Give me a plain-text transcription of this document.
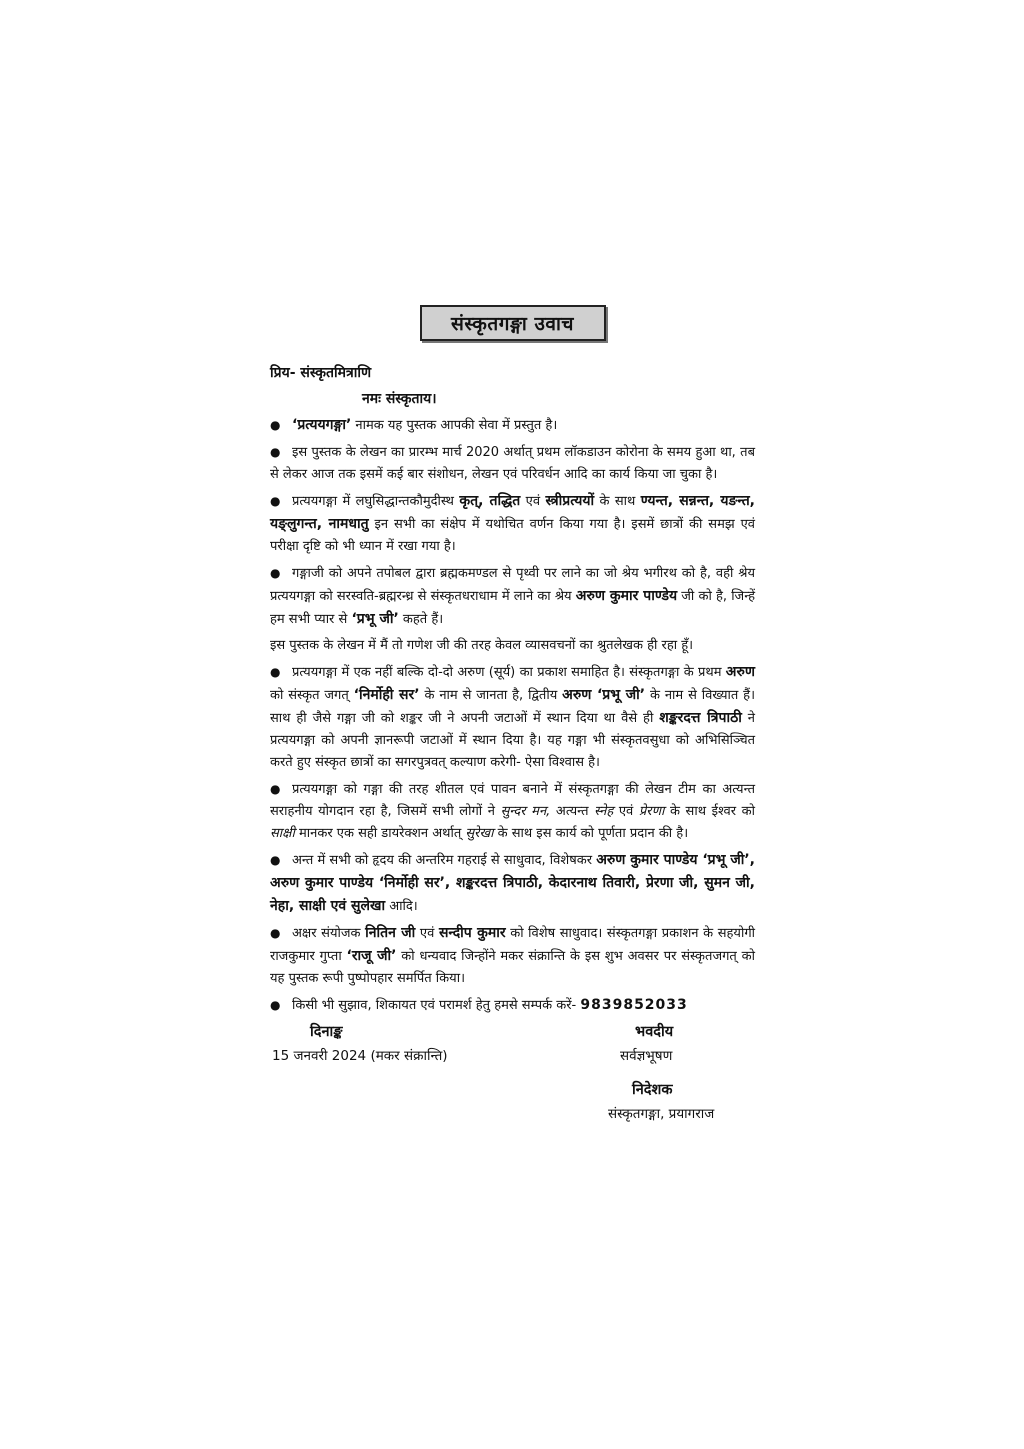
संस्कृतगङ्गा उवाच
प्रिय- संस्कृतमित्राणि
नमः संस्कृताय।

● ‘प्रत्ययगङ्गा’ नामक यह पुस्तक आपकी सेवा में प्रस्तुत है।

● इस पुस्तक के लेखन का प्रारम्भ मार्च 2020 अर्थात् प्रथम लॉकडाउन कोरोना के समय हुआ था, तब से लेकर आज तक इसमें कई बार संशोधन, लेखन एवं परिवर्धन आदि का कार्य किया जा चुका है।

● प्रत्ययगङ्गा में लघुसिद्धान्तकौमुदीस्थ कृत्, तद्धित एवं स्त्रीप्रत्ययों के साथ ण्यन्त, सन्नन्त, यङन्त, यङ्लुगन्त, नामधातु इन सभी का संक्षेप में यथोचित वर्णन किया गया है। इसमें छात्रों की समझ एवं परीक्षा दृष्टि को भी ध्यान में रखा गया है।

● गङ्गाजी को अपने तपोबल द्वारा ब्रह्मकमण्डल से पृथ्वी पर लाने का जो श्रेय भगीरथ को है, वही श्रेय प्रत्ययगङ्गा को सरस्वति-ब्रह्मरन्ध्र से संस्कृतधराधाम में लाने का श्रेय अरुण कुमार पाण्डेय जी को है, जिन्हें हम सभी प्यार से ‘प्रभू जी’ कहते हैं।

इस पुस्तक के लेखन में मैं तो गणेश जी की तरह केवल व्यासवचनों का श्रुतलेखक ही रहा हूँ।

● प्रत्ययगङ्गा में एक नहीं बल्कि दो-दो अरुण (सूर्य) का प्रकाश समाहित है। संस्कृतगङ्गा के प्रथम अरुण को संस्कृत जगत् ‘निर्मोही सर’ के नाम से जानता है, द्वितीय अरुण ‘प्रभू जी’ के नाम से विख्यात हैं। साथ ही जैसे गङ्गा जी को शङ्कर जी ने अपनी जटाओं में स्थान दिया था वैसे ही शङ्करदत्त त्रिपाठी ने प्रत्ययगङ्गा को अपनी ज्ञानरूपी जटाओं में स्थान दिया है। यह गङ्गा भी संस्कृतवसुधा को अभिसिञ्चित करते हुए संस्कृत छात्रों का सगरपुत्रवत् कल्याण करेगी- ऐसा विश्वास है।

● प्रत्ययगङ्गा को गङ्गा की तरह शीतल एवं पावन बनाने में संस्कृतगङ्गा की लेखन टीम का अत्यन्त सराहनीय योगदान रहा है, जिसमें सभी लोगों ने सुन्दर मन, अत्यन्त स्नेह एवं प्रेरणा के साथ ईश्वर को साक्षी मानकर एक सही डायरेक्शन अर्थात् सुरेखा के साथ इस कार्य को पूर्णता प्रदान की है।

● अन्त में सभी को हृदय की अन्तरिम गहराई से साधुवाद, विशेषकर अरुण कुमार पाण्डेय ‘प्रभू जी’, अरुण कुमार पाण्डेय ‘निर्मोही सर’, शङ्करदत्त त्रिपाठी, केदारनाथ तिवारी, प्रेरणा जी, सुमन जी, नेहा, साक्षी एवं सुलेखा आदि।

● अक्षर संयोजक नितिन जी एवं सन्दीप कुमार को विशेष साधुवाद। संस्कृतगङ्गा प्रकाशन के सहयोगी राजकुमार गुप्ता ‘राजू जी’ को धन्यवाद जिन्होंने मकर संक्रान्ति के इस शुभ अवसर पर संस्कृतजगत् को यह पुस्तक रूपी पुष्पोपहार समर्पित किया।

● किसी भी सुझाव, शिकायत एवं परामर्श हेतु हमसे सम्पर्क करें- 9839852033

दिनाङ्क
15 जनवरी 2024 (मकर संक्रान्ति)
भवदीय
सर्वज्ञभूषण
निदेशक
संस्कृतगङ्गा, प्रयागराज
